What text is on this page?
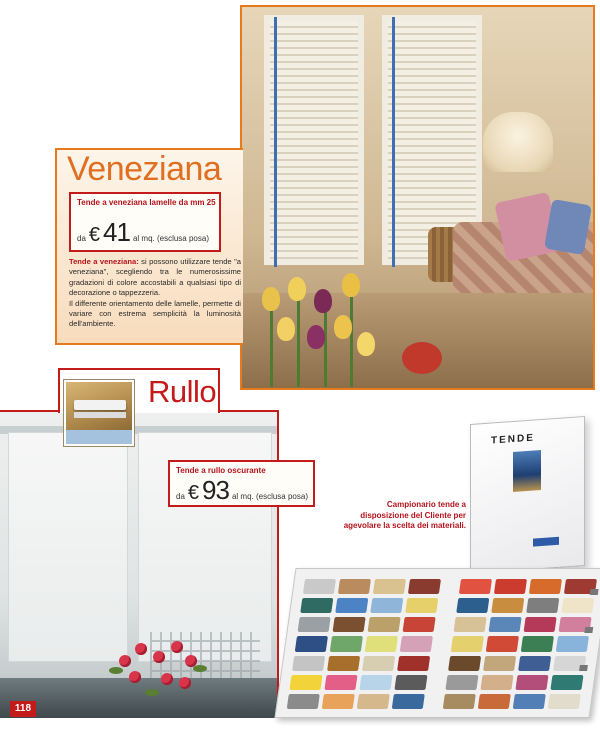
Veneziana
Tende a veneziana lamelle da mm 25
da € 41 al mq. (esclusa posa)

Tende a veneziana: si possono utilizzare tende "a veneziana", scegliendo tra le numerosissime gradazioni di colore accostabili a qualsiasi tipo di decorazione o tappezzeria.

Il differente orientamento delle lamelle, permette di variare con estrema semplicità la luminosità dell'ambiente.

Rullo
Tende a rullo oscurante
da € 93 al mq. (esclusa posa)
118
TENDE
Campionario tende a disposizione del Cliente per agevolare la scelta dei materiali.
